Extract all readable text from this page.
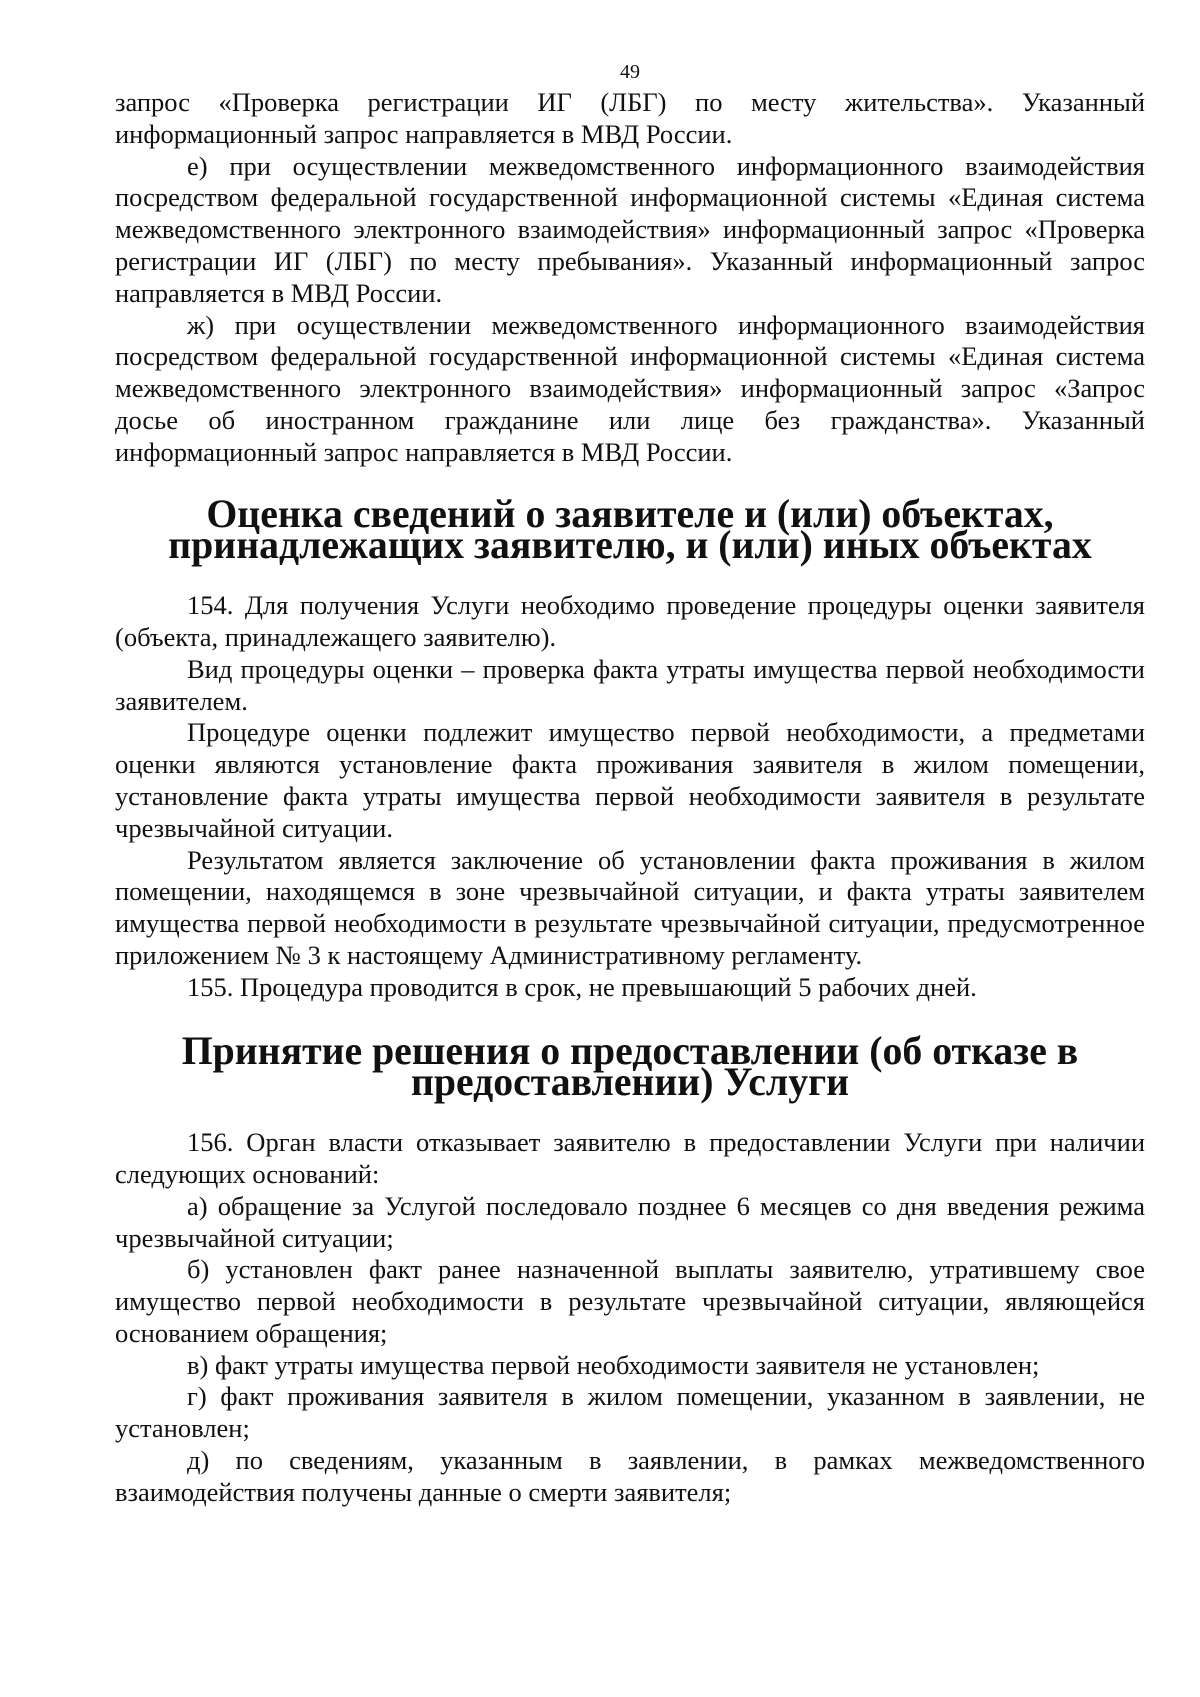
49

запрос «Проверка регистрации ИГ (ЛБГ) по месту жительства». Указанный информационный запрос направляется в МВД России.

е) при осуществлении межведомственного информационного взаимодействия посредством федеральной государственной информационной системы «Единая система межведомственного электронного взаимодействия» информационный запрос «Проверка регистрации ИГ (ЛБГ) по месту пребывания». Указанный информационный запрос направляется в МВД России.

ж) при осуществлении межведомственного информационного взаимодействия посредством федеральной государственной информационной системы «Единая система межведомственного электронного взаимодействия» информационный запрос «Запрос досье об иностранном гражданине или лице без гражданства». Указанный информационный запрос направляется в МВД России.

Оценка сведений о заявителе и (или) объектах, принадлежащих заявителю, и (или) иных объектах

154. Для получения Услуги необходимо проведение процедуры оценки заявителя (объекта, принадлежащего заявителю).

Вид процедуры оценки – проверка факта утраты имущества первой необходимости заявителем.

Процедуре оценки подлежит имущество первой необходимости, а предметами оценки являются установление факта проживания заявителя в жилом помещении, установление факта утраты имущества первой необходимости заявителя в результате чрезвычайной ситуации.

Результатом является заключение об установлении факта проживания в жилом помещении, находящемся в зоне чрезвычайной ситуации, и факта утраты заявителем имущества первой необходимости в результате чрезвычайной ситуации, предусмотренное приложением № 3 к настоящему Административному регламенту.

155. Процедура проводится в срок, не превышающий 5 рабочих дней.

Принятие решения о предоставлении (об отказе в предоставлении) Услуги

156. Орган власти отказывает заявителю в предоставлении Услуги при наличии следующих оснований:

а) обращение за Услугой последовало позднее 6 месяцев со дня введения режима чрезвычайной ситуации;

б) установлен факт ранее назначенной выплаты заявителю, утратившему свое имущество первой необходимости в результате чрезвычайной ситуации, являющейся основанием обращения;

в) факт утраты имущества первой необходимости заявителя не установлен;

г) факт проживания заявителя в жилом помещении, указанном в заявлении, не установлен;

д) по сведениям, указанным в заявлении, в рамках межведомственного взаимодействия получены данные о смерти заявителя;
